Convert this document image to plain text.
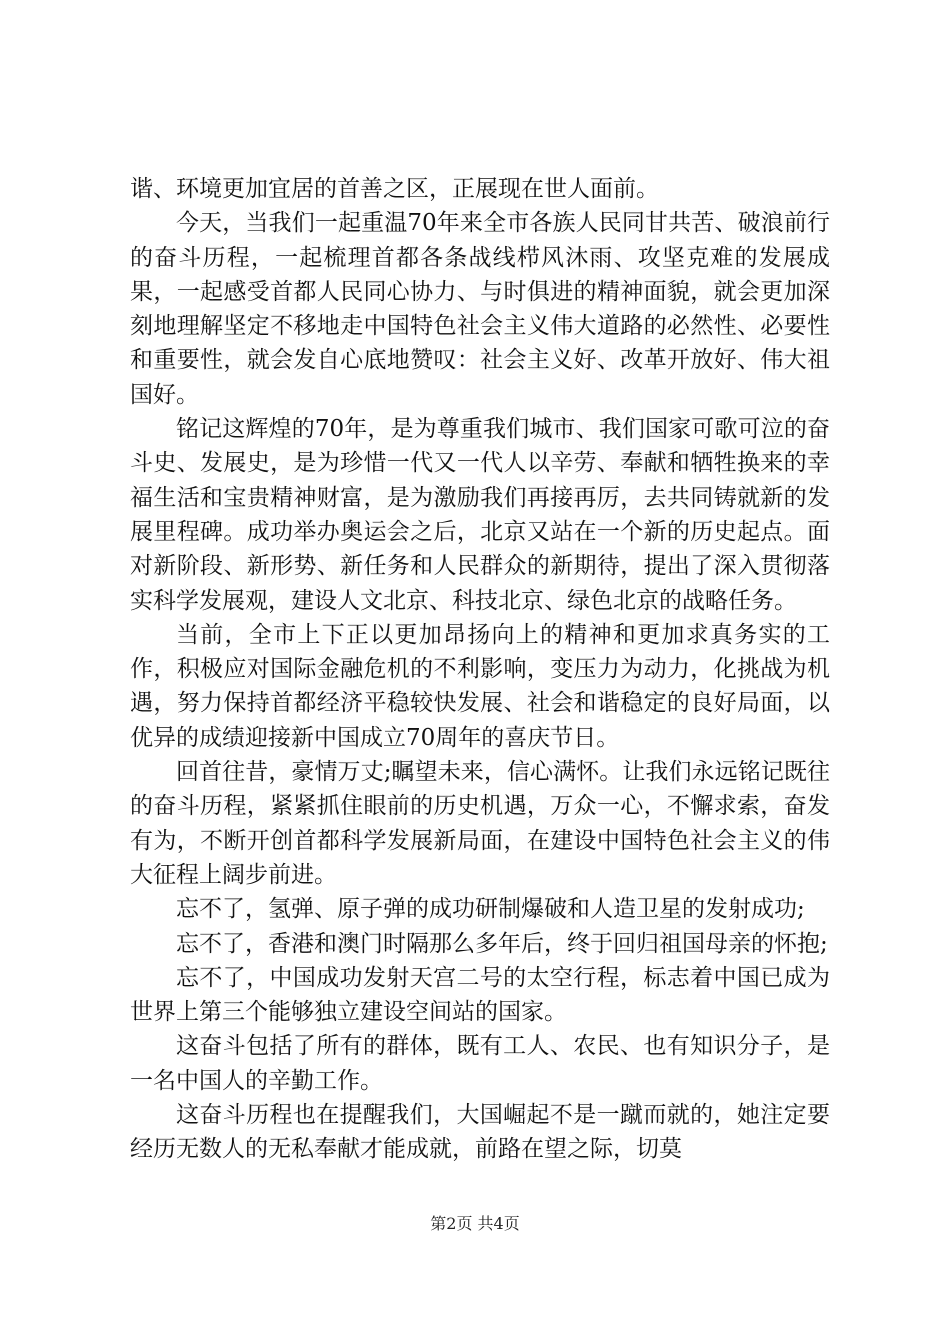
谐、环境更加宜居的首善之区，正展现在世人面前。

今天，当我们一起重温70年来全市各族人民同甘共苦、破浪前行的奋斗历程，一起梳理首都各条战线栉风沐雨、攻坚克难的发展成果，一起感受首都人民同心协力、与时俱进的精神面貌，就会更加深刻地理解坚定不移地走中国特色社会主义伟大道路的必然性、必要性和重要性，就会发自心底地赞叹：社会主义好、改革开放好、伟大祖国好。

铭记这辉煌的70年，是为尊重我们城市、我们国家可歌可泣的奋斗史、发展史，是为珍惜一代又一代人以辛劳、奉献和牺牲换来的幸福生活和宝贵精神财富，是为激励我们再接再厉，去共同铸就新的发展里程碑。成功举办奥运会之后，北京又站在一个新的历史起点。面对新阶段、新形势、新任务和人民群众的新期待，提出了深入贯彻落实科学发展观，建设人文北京、科技北京、绿色北京的战略任务。

当前，全市上下正以更加昂扬向上的精神和更加求真务实的工作，积极应对国际金融危机的不利影响，变压力为动力，化挑战为机遇，努力保持首都经济平稳较快发展、社会和谐稳定的良好局面，以优异的成绩迎接新中国成立70周年的喜庆节日。

回首往昔，豪情万丈;瞩望未来，信心满怀。让我们永远铭记既往的奋斗历程，紧紧抓住眼前的历史机遇，万众一心，不懈求索，奋发有为，不断开创首都科学发展新局面，在建设中国特色社会主义的伟大征程上阔步前进。

忘不了，氢弹、原子弹的成功研制爆破和人造卫星的发射成功;

忘不了，香港和澳门时隔那么多年后，终于回归祖国母亲的怀抱;

忘不了，中国成功发射天宫二号的太空行程，标志着中国已成为世界上第三个能够独立建设空间站的国家。

这奋斗包括了所有的群体，既有工人、农民、也有知识分子，是一名中国人的辛勤工作。

这奋斗历程也在提醒我们，大国崛起不是一蹴而就的，她注定要经历无数人的无私奉献才能成就，前路在望之际，切莫

第2页 共4页
